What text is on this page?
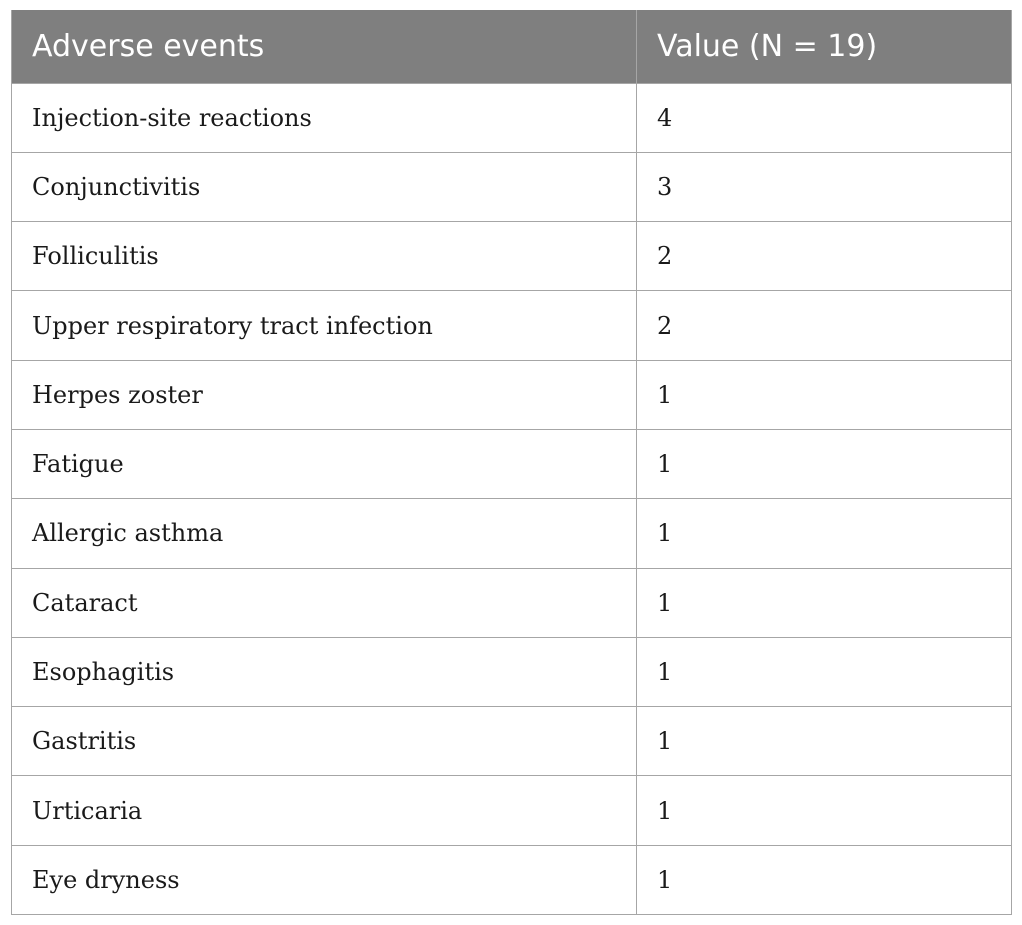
Adverse events	Value (N = 19)
Injection-site reactions	4
Conjunctivitis	3
Folliculitis	2
Upper respiratory tract infection	2
Herpes zoster	1
Fatigue	1
Allergic asthma	1
Cataract	1
Esophagitis	1
Gastritis	1
Urticaria	1
Eye dryness	1
